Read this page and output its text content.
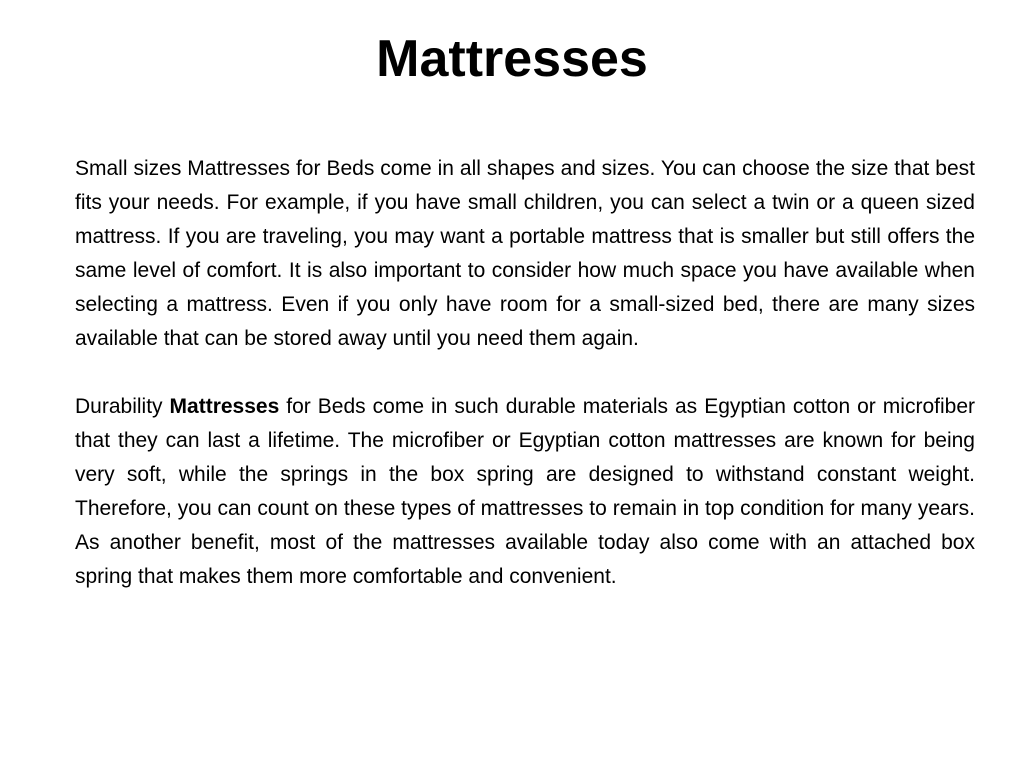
Mattresses

Small sizes Mattresses for Beds come in all shapes and sizes. You can choose the size that best fits your needs. For example, if you have small children, you can select a twin or a queen sized mattress. If you are traveling, you may want a portable mattress that is smaller but still offers the same level of comfort. It is also important to consider how much space you have available when selecting a mattress. Even if you only have room for a small-sized bed, there are many sizes available that can be stored away until you need them again.

Durability Mattresses for Beds come in such durable materials as Egyptian cotton or microfiber that they can last a lifetime. The microfiber or Egyptian cotton mattresses are known for being very soft, while the springs in the box spring are designed to withstand constant weight. Therefore, you can count on these types of mattresses to remain in top condition for many years. As another benefit, most of the mattresses available today also come with an attached box spring that makes them more comfortable and convenient.
